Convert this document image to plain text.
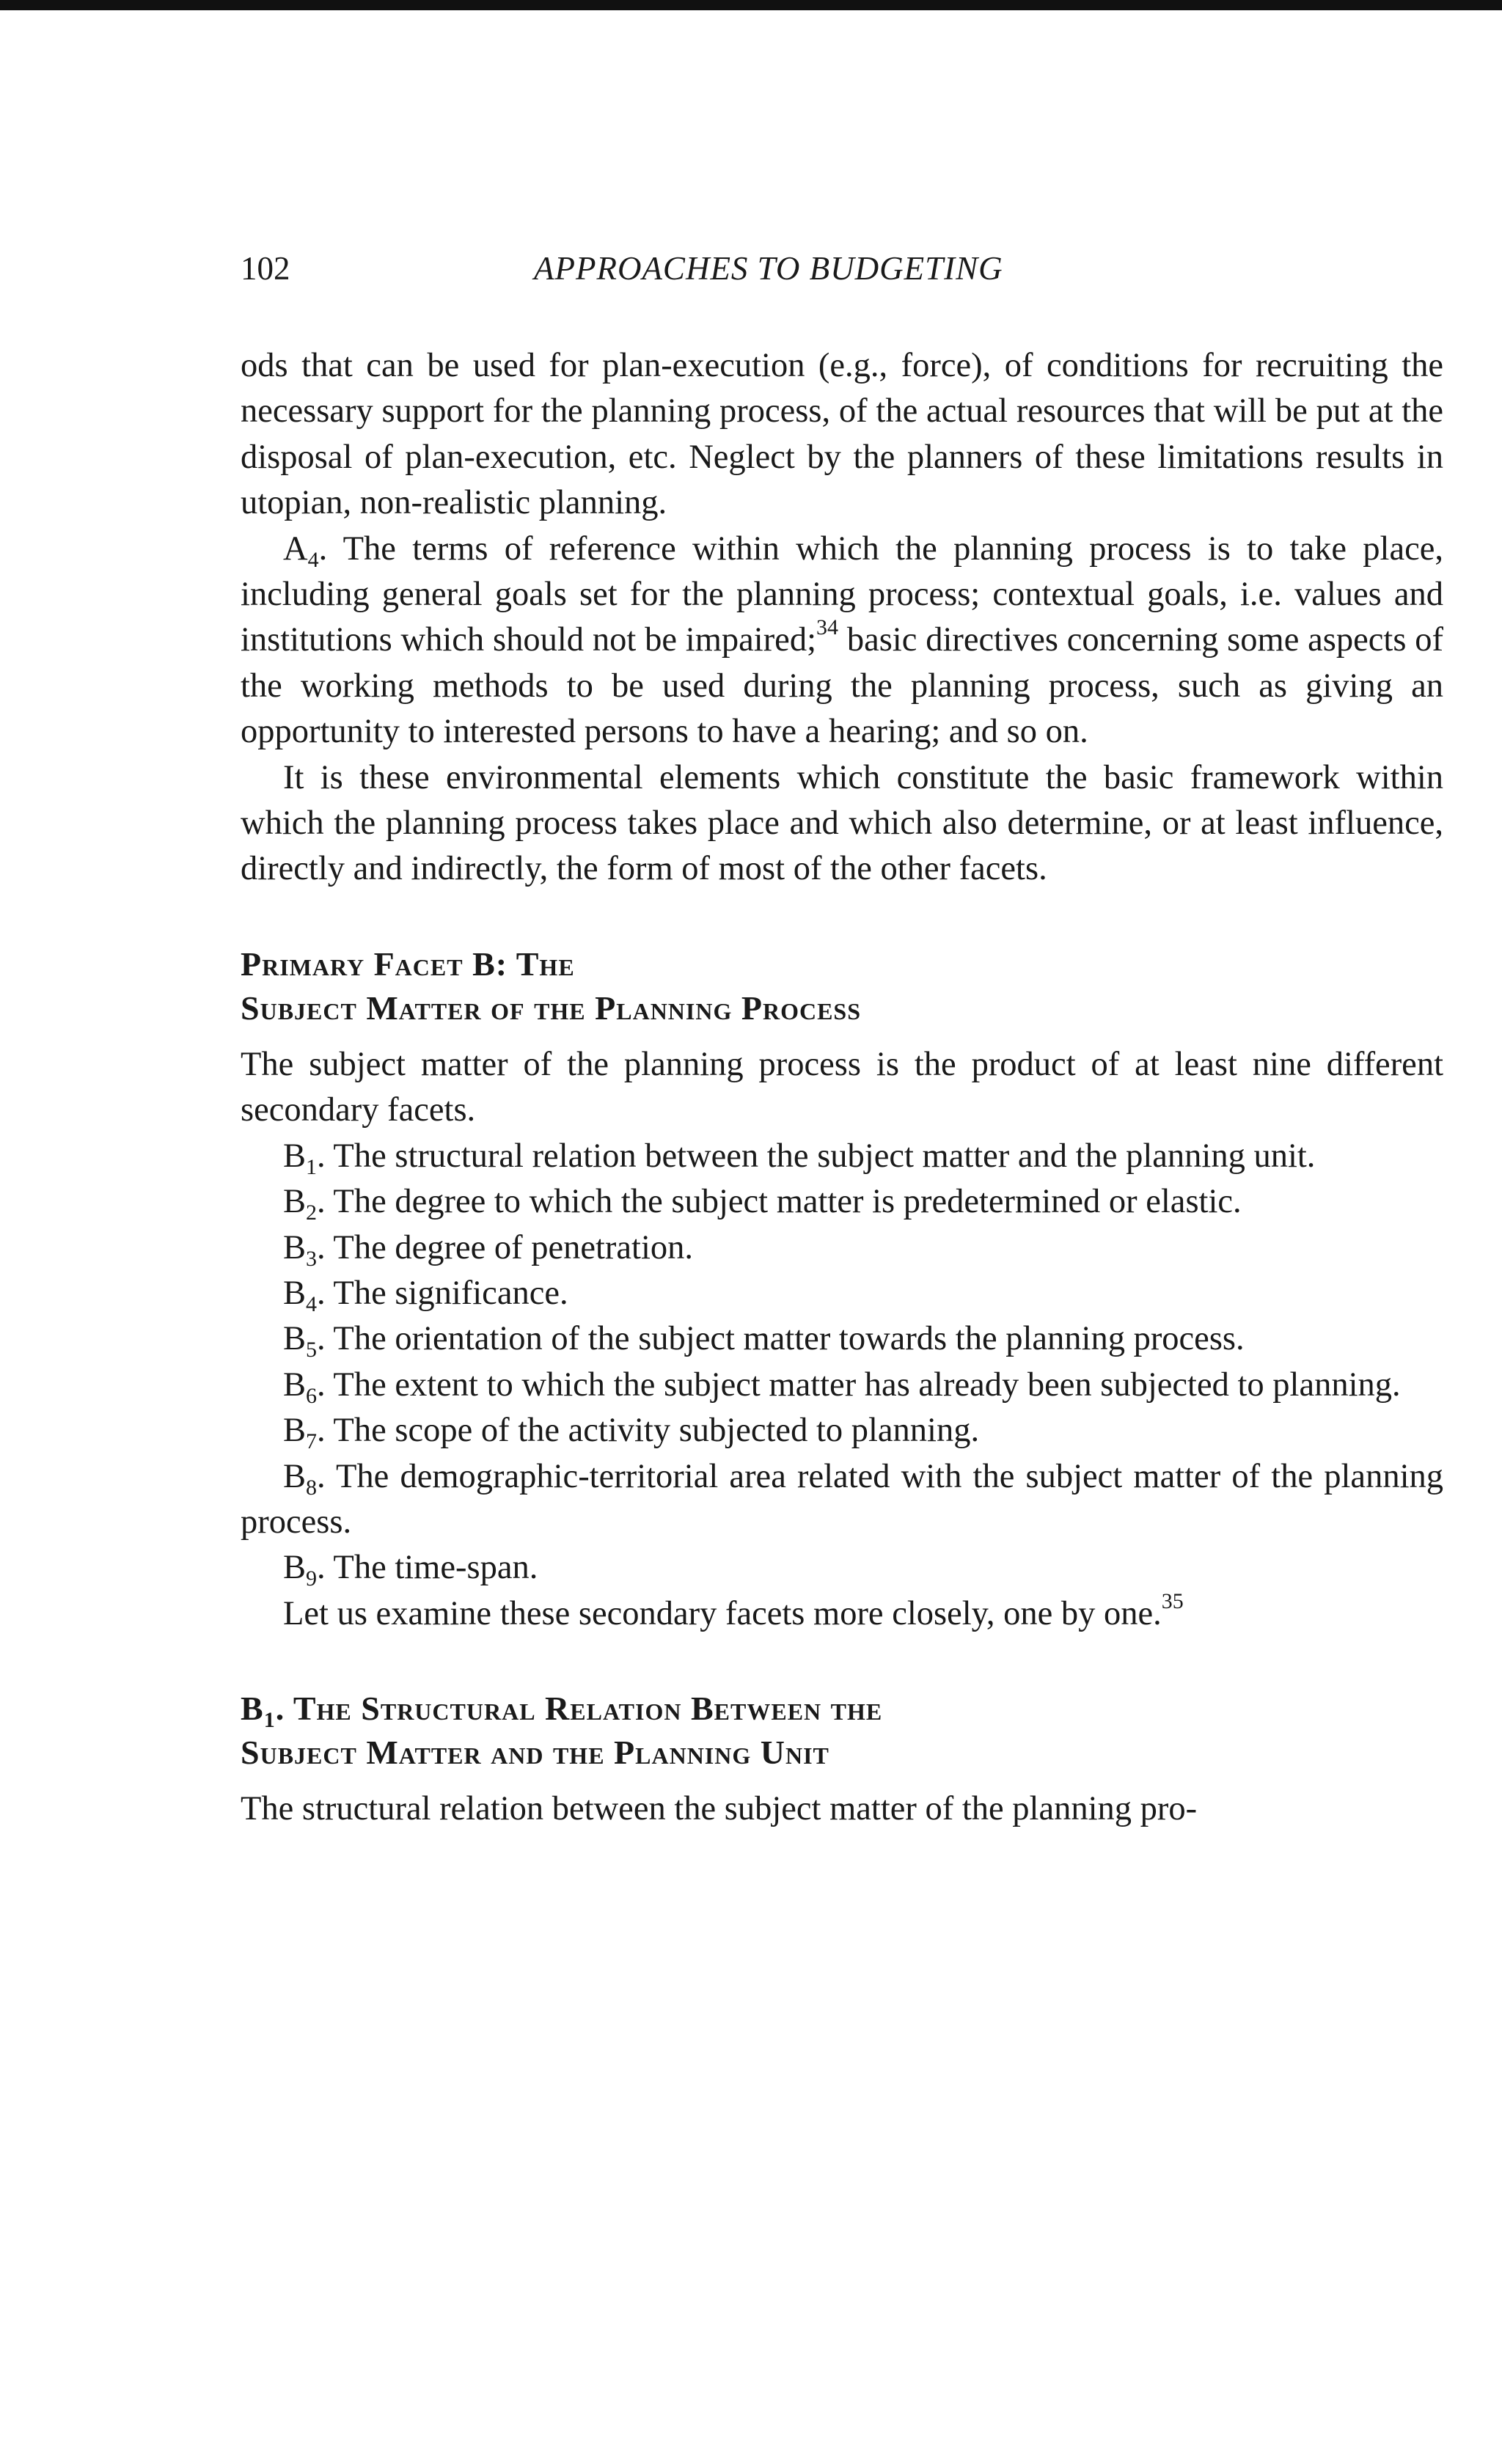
102	APPROACHES TO BUDGETING

ods that can be used for plan-execution (e.g., force), of conditions for recruiting the necessary support for the planning process, of the actual resources that will be put at the disposal of plan-execution, etc. Neglect by the planners of these limitations results in utopian, non-realistic planning.

$A_4$. The terms of reference within which the planning process is to take place, including general goals set for the planning process; contextual goals, i.e. values and institutions which should not be impaired;$^{34}$ basic directives concerning some aspects of the working methods to be used during the planning process, such as giving an opportunity to interested persons to have a hearing; and so on.

It is these environmental elements which constitute the basic framework within which the planning process takes place and which also determine, or at least influence, directly and indirectly, the form of most of the other facets.

Primary Facet B: The
Subject Matter of the Planning Process

The subject matter of the planning process is the product of at least nine different secondary facets.

$B_1$. The structural relation between the subject matter and the planning unit.

$B_2$. The degree to which the subject matter is predetermined or elastic.

$B_3$. The degree of penetration.

$B_4$. The significance.

$B_5$. The orientation of the subject matter towards the planning process.

$B_6$. The extent to which the subject matter has already been subjected to planning.

$B_7$. The scope of the activity subjected to planning.

$B_8$. The demographic-territorial area related with the subject matter of the planning process.

$B_9$. The time-span.

Let us examine these secondary facets more closely, one by one.$^{35}$

$B_1$. The Structural Relation Between the
Subject Matter and the Planning Unit

The structural relation between the subject matter of the planning pro-
